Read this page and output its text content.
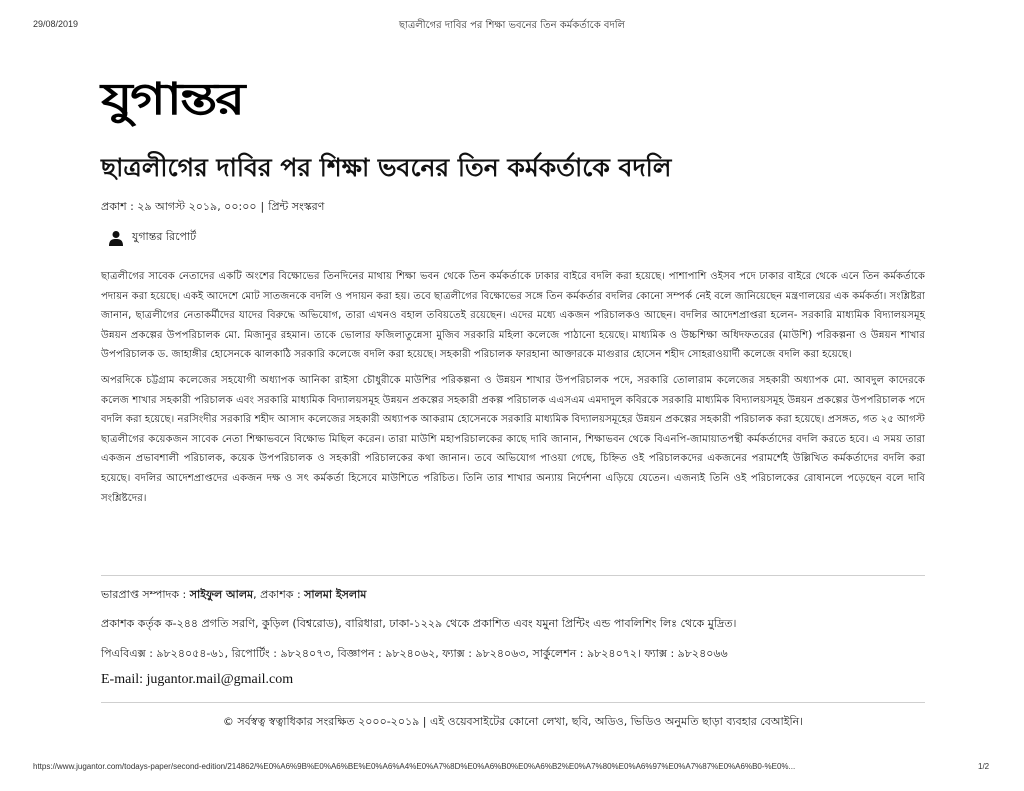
29/08/2019	ছাত্রলীগের দাবির পর শিক্ষা ভবনের তিন কর্মকর্তাকে বদলি
যুগান্তর
ছাত্রলীগের দাবির পর শিক্ষা ভবনের তিন কর্মকর্তাকে বদলি
প্রকাশ : ২৯ আগস্ট ২০১৯, ০০:০০ | প্রিন্ট সংস্করণ
যুগান্তর রিপোর্ট

ছাত্রলীগের সাবেক নেতাদের একটি অংশের বিক্ষোভের তিনদিনের মাথায় শিক্ষা ভবন থেকে তিন কর্মকর্তাকে ঢাকার বাইরে বদলি করা হয়েছে। পাশাপাশি ওইসব পদে ঢাকার বাইরে থেকে এনে তিন কর্মকর্তাকে পদায়ন করা হয়েছে। একই আদেশে মোট সাতজনকে বদলি ও পদায়ন করা হয়। তবে ছাত্রলীগের বিক্ষোভের সঙ্গে তিন কর্মকর্তার বদলির কোনো সম্পর্ক নেই বলে জানিয়েছেন মন্ত্রণালয়ের এক কর্মকর্তা। সংশ্লিষ্টরা জানান, ছাত্রলীগের নেতাকর্মীদের যাদের বিরুদ্ধে অভিযোগ, তারা এখনও বহাল তবিয়তেই রয়েছেন। এদের মধ্যে একজন পরিচালকও আছেন। বদলির আদেশপ্রাপ্তরা হলেন- সরকারি মাধ্যমিক বিদ্যালয়সমূহ উন্নয়ন প্রকল্পের উপপরিচালক মো. মিজানুর রহমান। তাকে ভোলার ফজিলাতুন্নেসা মুজিব সরকারি মহিলা কলেজে পাঠানো হয়েছে। মাধ্যমিক ও উচ্চশিক্ষা অধিদফতরের (মাউশি) পরিকল্পনা ও উন্নয়ন শাখার উপপরিচালক ড. জাহাঙ্গীর হোসেনকে ঝালকাঠি সরকারি কলেজে বদলি করা হয়েছে। সহকারী পরিচালক ফারহানা আক্তারকে মাগুরার হোসেন শহীদ সোহরাওয়ার্দী কলেজে বদলি করা হয়েছে।

অপরদিকে চট্টগ্রাম কলেজের সহযোগী অধ্যাপক আনিকা রাইসা চৌধুরীকে মাউশির পরিকল্পনা ও উন্নয়ন শাখার উপপরিচালক পদে, সরকারি তোলারাম কলেজের সহকারী অধ্যাপক মো. আবদুল কাদেরকে কলেজ শাখার সহকারী পরিচালক এবং সরকারি মাধ্যমিক বিদ্যালয়সমূহ উন্নয়ন প্রকল্পের সহকারী প্রকল্প পরিচালক এএসএম এমদাদুল কবিরকে সরকারি মাধ্যমিক বিদ্যালয়সমূহ উন্নয়ন প্রকল্পের উপপরিচালক পদে বদলি করা হয়েছে। নরসিংদীর সরকারি শহীদ আসাদ কলেজের সহকারী অধ্যাপক আকরাম হোসেনকে সরকারি মাধ্যমিক বিদ্যালয়সমূহের উন্নয়ন প্রকল্পের সহকারী পরিচালক করা হয়েছে। প্রসঙ্গত, গত ২৫ আগস্ট ছাত্রলীগের কয়েকজন সাবেক নেতা শিক্ষাভবনে বিক্ষোভ মিছিল করেন। তারা মাউশি মহাপরিচালকের কাছে দাবি জানান, শিক্ষাভবন থেকে বিএনপি-জামায়াতপন্থী কর্মকর্তাদের বদলি করতে হবে। এ সময় তারা একজন প্রভাবশালী পরিচালক, কয়েক উপপরিচালক ও সহকারী পরিচালকের কথা জানান। তবে অভিযোগ পাওয়া গেছে, চিহ্নিত ওই পরিচালকদের একজনের পরামর্শেই উল্লিখিত কর্মকর্তাদের বদলি করা হয়েছে। বদলির আদেশপ্রাপ্তদের একজন দক্ষ ও সৎ কর্মকর্তা হিসেবে মাউশিতে পরিচিত। তিনি তার শাখার অন্যায় নির্দেশনা এড়িয়ে যেতেন। এজন্যই তিনি ওই পরিচালকের রোষানলে পড়েছেন বলে দাবি সংশ্লিষ্টদের।

ভারপ্রাপ্ত সম্পাদক : সাইফুল আলম, প্রকাশক : সালমা ইসলাম
প্রকাশক কর্তৃক ক-২৪৪ প্রগতি সরণি, কুড়িল (বিশ্বরোড), বারিধারা, ঢাকা-১২২৯ থেকে প্রকাশিত এবং যমুনা প্রিন্টিং এন্ড পাবলিশিং লিঃ থেকে মুদ্রিত।
পিএবিএক্স : ৯৮২৪০৫৪-৬১, রিপোর্টিং : ৯৮২৪০৭৩, বিজ্ঞাপন : ৯৮২৪০৬২, ফ্যাক্স : ৯৮২৪০৬৩, সার্কুলেশন : ৯৮২৪০৭২। ফ্যাক্স : ৯৮২৪০৬৬
E-mail: jugantor.mail@gmail.com
© সর্বস্বত্ব স্বত্বাধিকার সংরক্ষিত ২০০০-২০১৯ | এই ওয়েবসাইটের কোনো লেখা, ছবি, অডিও, ভিডিও অনুমতি ছাড়া ব্যবহার বেআইনি।
https://www.jugantor.com/todays-paper/second-edition/214862/%E0%A6%9B%E0%A6%BE%E0%A6%A4%E0%A7%8D%E0%A6%B0%E0%A6%B2%E0%A7%80%E0%A6%97%E0%A7%87%E0%A6%B0-%E0%...	1/2
